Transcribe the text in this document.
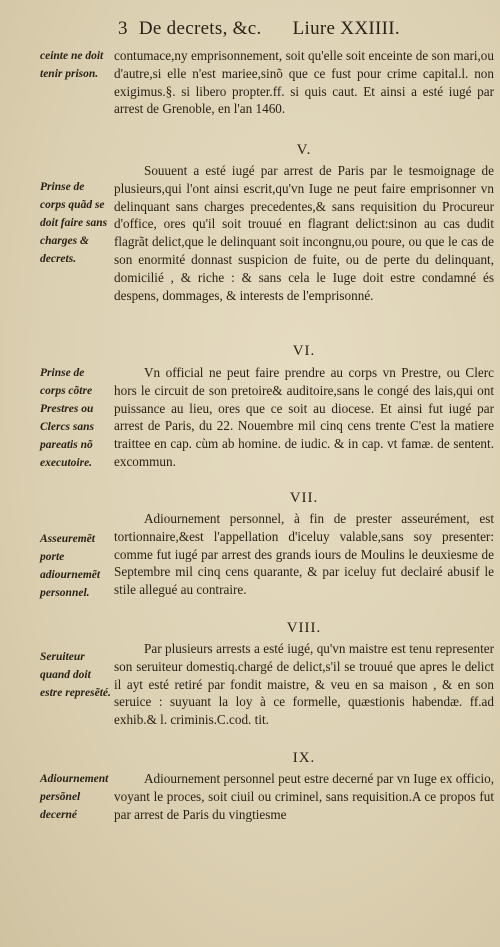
3 De decrets, &c. Liure XXIIII.
ceinte ne doit tenir prison.

contumace,ny emprisonnement, soit qu'elle soit enceinte de son mari,ou d'autre,si elle n'est mariee,sinõ que ce fust pour crime capital.l. non exigimus.§. si libero propter.ff. si quis caut. Et ainsi a esté iugé par arrest de Grenoble, en l'an 1460.

V.
Prinse de corps quãd se doit faire sans charges & decrets.

Souuent a esté iugé par arrest de Paris par le tesmoignage de plusieurs,qui l'ont ainsi escrit,qu'vn Iuge ne peut faire emprisonner vn delinquant sans charges precedentes,& sans requisition du Procureur d'office, ores qu'il soit trouué en flagrant delict:sinon au cas dudit flagrãt delict,que le delinquant soit incongnu,ou poure, ou que le cas de son enormité donnast suspicion de fuite, ou de perte du delinquant, domicilié , & riche : & sans cela le Iuge doit estre condamné és despens, dommages, & interests de l'emprisonné.

VI.
Prinse de corps cõtre Prestres ou Clercs sans pareatis nõ executoire.

Vn official ne peut faire prendre au corps vn Prestre, ou Clerc hors le circuit de son pretoire& auditoire,sans le congé des lais,qui ont puissance au lieu, ores que ce soit au diocese. Et ainsi fut iugé par arrest de Paris, du 22. Nouembre mil cinq cens trente C'est la matiere traittee en cap. cùm ab homine. de iudic. & in cap. vt famæ. de sentent. excommun.

VII.
Asseuremẽt porte adiournemẽt personnel.

Adiournement personnel, à fin de prester asseurément, est tortionnaire,&est l'appellation d'iceluy valable,sans soy presenter: comme fut iugé par arrest des grands iours de Moulins le deuxiesme de Septembre mil cinq cens quarante, & par iceluy fut declairé abusif le stile allegué au contraire.

VIII.
Seruiteur quand doit estre represẽté.

Par plusieurs arrests a esté iugé, qu'vn maistre est tenu representer son seruiteur domestiq.chargé de delict,s'il se trouué que apres le delict il ayt esté retiré par fondit maistre, & veu en sa maison , & en son seruice : suyuant la loy à ce formelle, quæstionis habendæ. ff.ad exhib.& l. criminis.C.cod. tit.

IX.
Adiournement persõnel decerné

Adiournement personnel peut estre decerné par vn Iuge ex officio, voyant le proces, soit ciuil ou criminel, sans requisition.A ce propos fut par arrest de Paris du vingtiesme
